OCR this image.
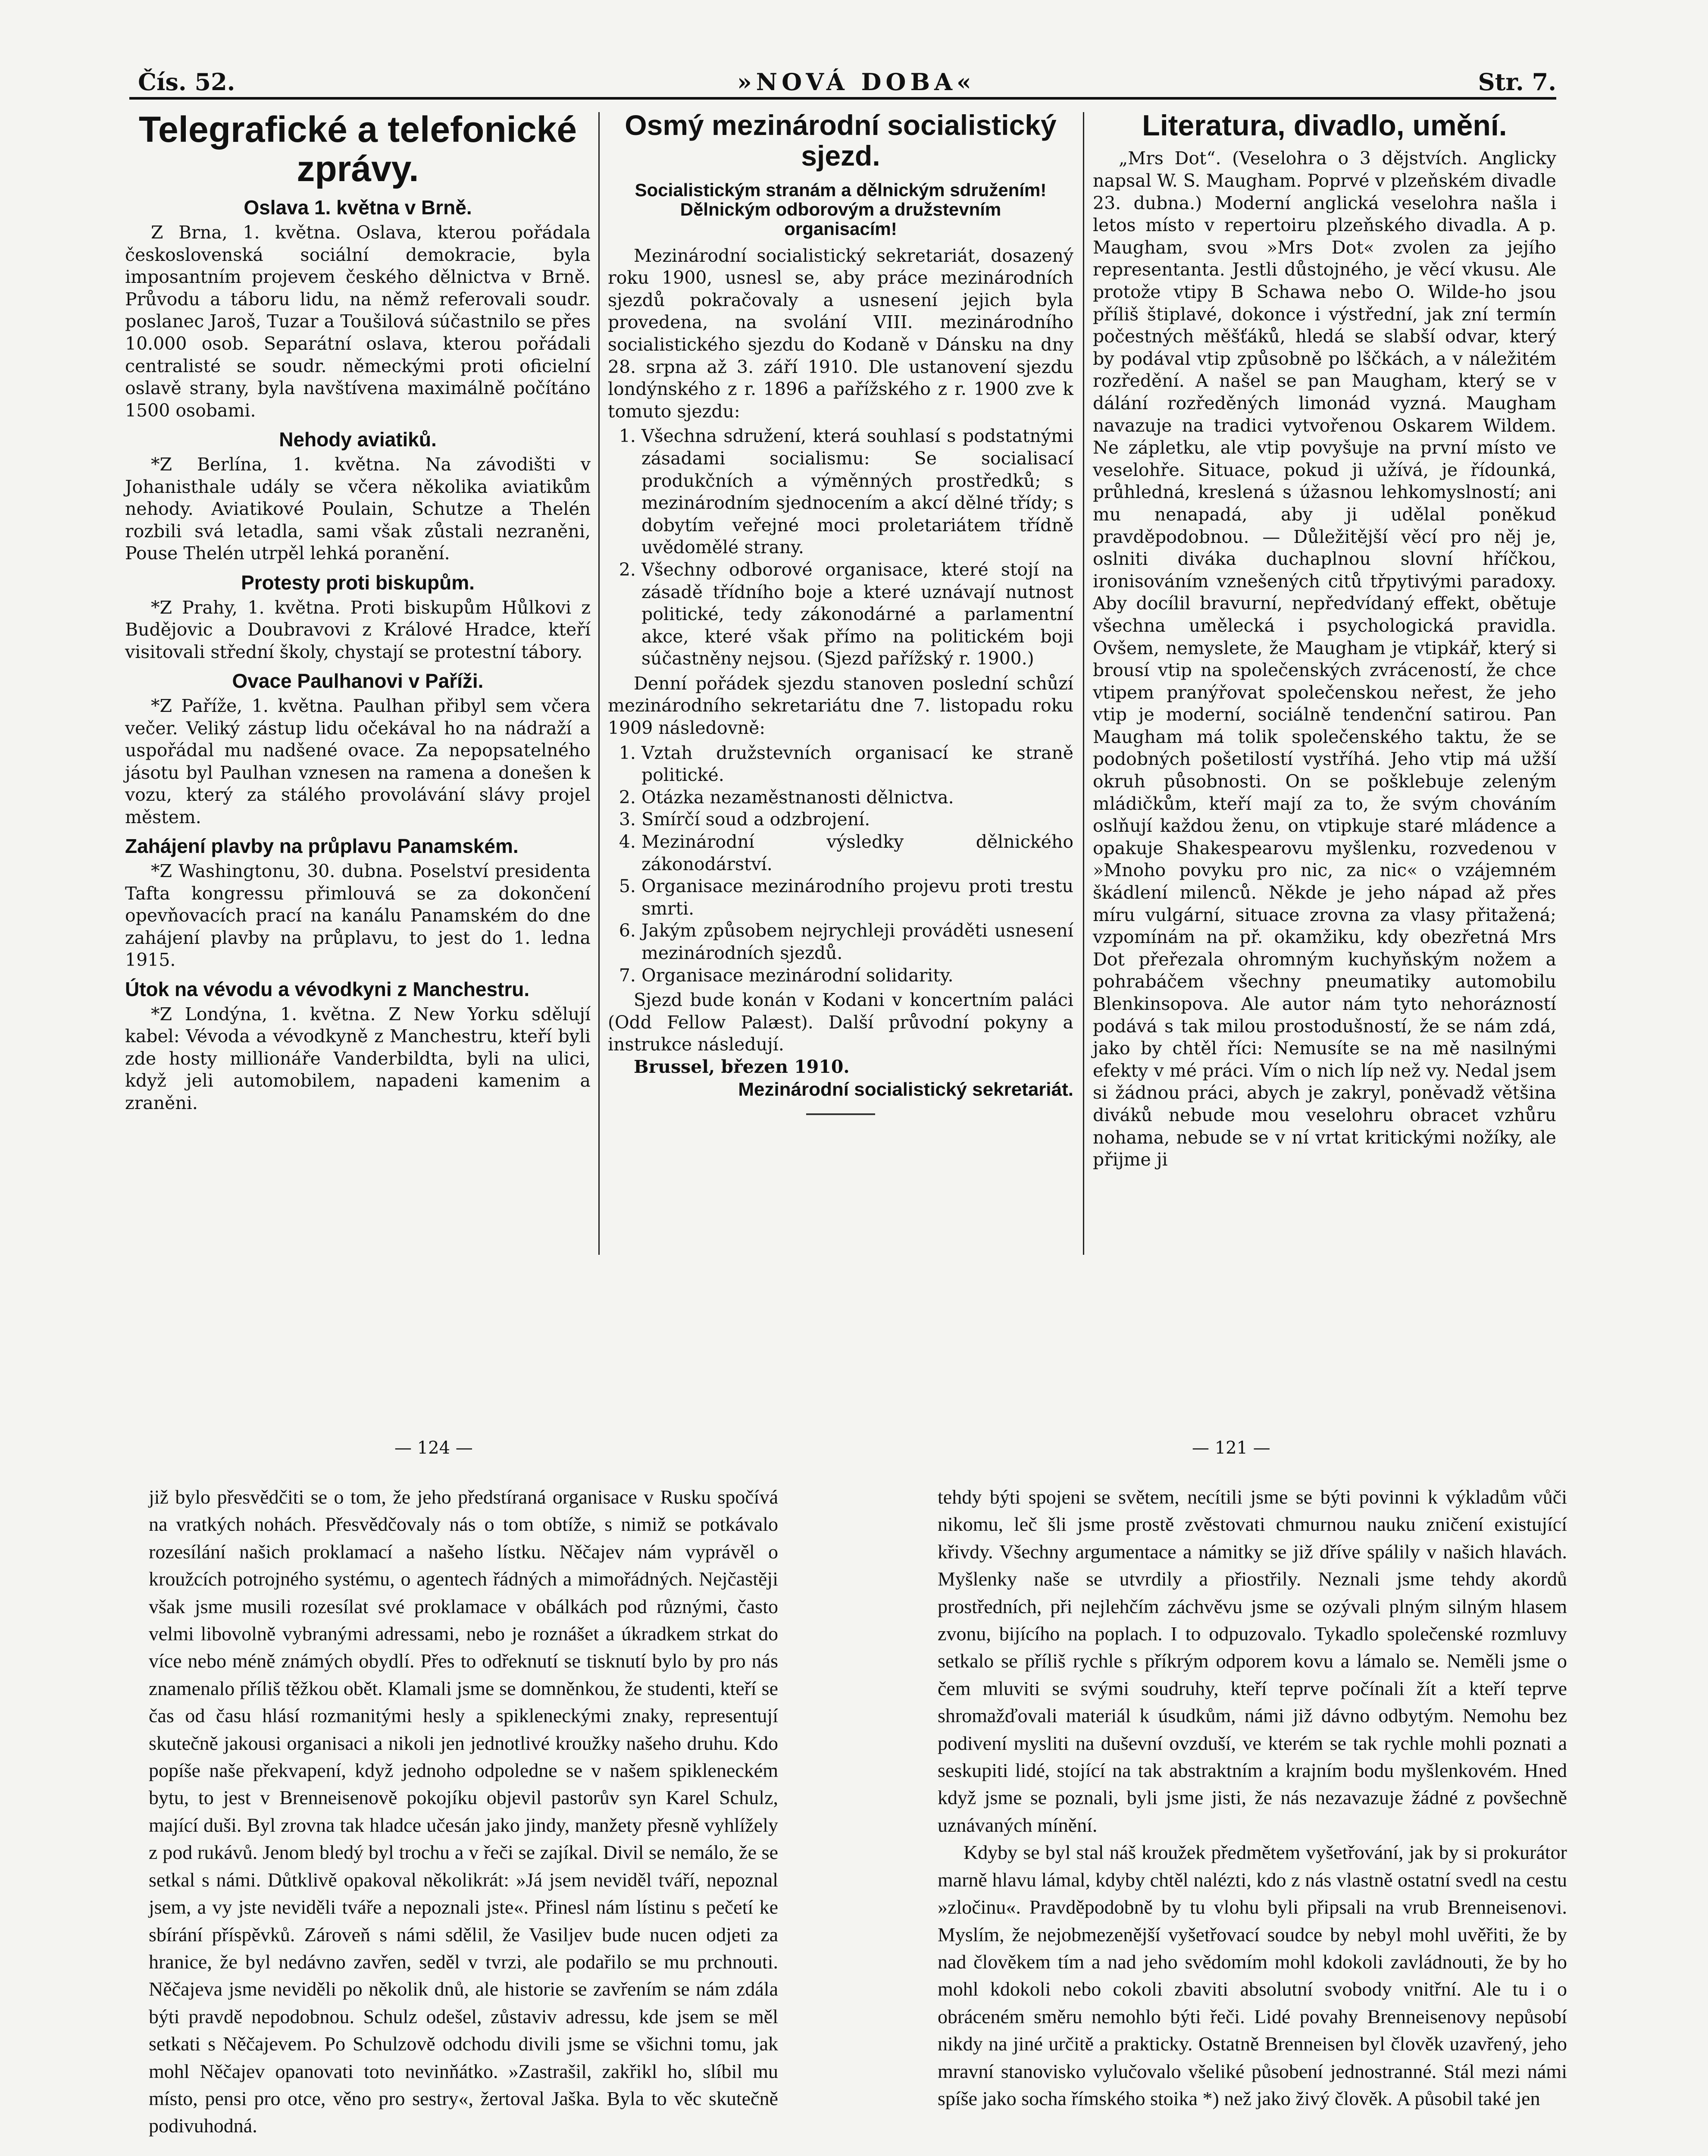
Čís. 52.	»NOVÁ DOBA«	Str. 7.
Telegrafické a telefonické zprávy.
Oslava 1. května v Brně.

Z Brna, 1. května. Oslava, kterou pořádala československá sociální demokracie, byla imposantním projevem českého dělnictva v Brně. Průvodu a táboru lidu, na němž referovali soudr. poslanec Jaroš, Tuzar a Toušilová súčastnilo se přes 10.000 osob. Separátní oslava, kterou pořádali centralisté se soudr. německými proti oficielní oslavě strany, byla navštívena maximálně počítáno 1500 osobami.

Nehody aviatiků.

*Z Berlína, 1. května. Na závodišti v Johanisthale udály se včera několika aviatikům nehody. Aviatikové Poulain, Schutze a Thelén rozbili svá letadla, sami však zůstali nezraněni, Pouse Thelén utrpěl lehká poranění.

Protesty proti biskupům.

*Z Prahy, 1. května. Proti biskupům Hůlkovi z Budějovic a Doubravovi z Králové Hradce, kteří visitovali střední školy, chystají se protestní tábory.

Ovace Paulhanovi v Paříži.

*Z Paříže, 1. května. Paulhan přibyl sem včera večer. Veliký zástup lidu očekával ho na nádraží a uspořádal mu nadšené ovace. Za nepopsatelného jásotu byl Paulhan vznesen na ramena a donešen k vozu, který za stálého provolávání slávy projel městem.

Zahájení plavby na průplavu Panamském.

*Z Washingtonu, 30. dubna. Poselství presidenta Tafta kongressu přimlouvá se za dokončení opevňovacích prací na kanálu Panamském do dne zahájení plavby na průplavu, to jest do 1. ledna 1915.

Útok na vévodu a vévodkyni z Manchestru.

*Z Londýna, 1. května. Z New Yorku sdělují kabel: Vévoda a vévodkyně z Manchestru, kteří byli zde hosty millionáře Vanderbildta, byli na ulici, když jeli automobilem, napadeni kamenim a zraněni.

Osmý mezinárodní socialistický sjezd.
Socialistickým stranám a dělnickým sdružením! Dělnickým odborovým a družstevním organisacím!

Mezinárodní socialistický sekretariát, dosazený roku 1900, usnesl se, aby práce mezinárodních sjezdů pokračovaly a usnesení jejich byla provedena, na svolání VIII. mezinárodního socialistického sjezdu do Kodaně v Dánsku na dny 28. srpna až 3. září 1910. Dle ustanovení sjezdu londýnského z r. 1896 a pařížského z r. 1900 zve k tomuto sjezdu:

1. Všechna sdružení, která souhlasí s podstatnými zásadami socialismu: Se socialisací produkčních a výměnných prostředků; s mezinárodním sjednocením a akcí dělné třídy; s dobytím veřejné moci proletariátem třídně uvědomělé strany.
2. Všechny odborové organisace, které stojí na zásadě třídního boje a které uznávají nutnost politické, tedy zákonodárné a parlamentní akce, které však přímo na politickém boji súčastněny nejsou. (Sjezd pařížský r. 1900.)

Denní pořádek sjezdu stanoven poslední schůzí mezinárodního sekretariátu dne 7. listopadu roku 1909 následovně:

1. Vztah družstevních organisací ke straně politické.
2. Otázka nezaměstnanosti dělnictva.
3. Smírčí soud a odzbrojení.
4. Mezinárodní výsledky dělnického zákonodárství.
5. Organisace mezinárodního projevu proti trestu smrti.
6. Jakým způsobem nejrychleji prováděti usnesení mezinárodních sjezdů.
7. Organisace mezinárodní solidarity.

Sjezd bude konán v Kodani v koncertním paláci (Odd Fellow Palæst). Další průvodní pokyny a instrukce následují.

Brussel, březen 1910.

Mezinárodní socialistický sekretariát.
Literatura, divadlo, umění.

„Mrs Dot“. (Veselohra o 3 dějstvích. Anglicky napsal W. S. Maugham. Poprvé v plzeňském divadle 23. dubna.) Moderní anglická veselohra našla i letos místo v repertoiru plzeňského divadla. A p. Maugham, svou »Mrs Dot« zvolen za jejího representanta. Jestli důstojného, je věcí vkusu. Ale protože vtipy B Schawa nebo O. Wilde-ho jsou příliš štiplavé, dokonce i výstřední, jak zní termín počestných měšťáků, hledá se slabší odvar, který by podával vtip způsobně po lščkách, a v náležitém rozředění. A našel se pan Maugham, který se v dálání rozředěných limonád vyzná. Maugham navazuje na tradici vytvořenou Oskarem Wildem. Ne zápletku, ale vtip povyšuje na první místo ve veselohře. Situace, pokud ji užívá, je řídounká, průhledná, kreslená s úžasnou lehkomyslností; ani mu nenapadá, aby ji udělal poněkud pravděpodobnou. — Důležitější věcí pro něj je, oslniti diváka duchaplnou slovní hříčkou, ironisováním vznešených citů třpytivými paradoxy. Aby docílil bravurní, nepředvídaný effekt, obětuje všechna umělecká i psychologická pravidla. Ovšem, nemyslete, že Maugham je vtipkář, který si brousí vtip na společenských zvráceností, že chce vtipem pranýřovat společenskou neřest, že jeho vtip je moderní, sociálně tendenční satirou. Pan Maugham má tolik společenského taktu, že se podobných pošetilostí vystříhá. Jeho vtip má užší okruh působnosti. On se pošklebuje zeleným mládičkům, kteří mají za to, že svým chováním oslňují každou ženu, on vtipkuje staré mládence a opakuje Shakespearovu myšlenku, rozvedenou v »Mnoho povyku pro nic, za nic« o vzájemném škádlení milenců. Někde je jeho nápad až přes míru vulgární, situace zrovna za vlasy přitažená; vzpomínám na př. okamžiku, kdy obezřetná Mrs Dot přeřezala ohromným kuchyňským nožem a pohrabáčem všechny pneumatiky automobilu Blenkinsopova. Ale autor nám tyto nehorázností podává s tak milou prostodušností, že se nám zdá, jako by chtěl říci: Nemusíte se na mě nasilnými efekty v mé práci. Vím o nich líp než vy. Nedal jsem si žádnou práci, abych je zakryl, poněvadž většina diváků nebude mou veselohru obracet vzhůru nohama, nebude se v ní vrtat kritickými nožíky, ale přijme ji

— 124 —	— 121 —

již bylo přesvědčiti se o tom, že jeho předstíraná organisace v Rusku spočívá na vratkých nohách. Přesvědčovaly nás o tom obtíže, s nimiž se potkávalo rozesílání našich proklamací a našeho lístku. Něčajev nám vyprávěl o kroužcích potrojného systému, o agentech řádných a mimořádných. Nejčastěji však jsme musili rozesílat své proklamace v obálkách pod různými, často velmi libovolně vybranými adressami, nebo je roznášet a úkradkem strkat do více nebo méně známých obydlí. Přes to odřeknutí se tisknutí bylo by pro nás znamenalo příliš těžkou obět. Klamali jsme se domněnkou, že studenti, kteří se čas od času hlásí rozmanitými hesly a spikleneckými znaky, representují skutečně jakousi organisaci a nikoli jen jednotlivé kroužky našeho druhu. Kdo popíše naše překvapení, když jednoho odpoledne se v našem spikleneckém bytu, to jest v Brenneisenově pokojíku objevil pastorův syn Karel Schulz, mající duši. Byl zrovna tak hladce učesán jako jindy, manžety přesně vyhlížely z pod rukávů. Jenom bledý byl trochu a v řeči se zajíkal. Divil se nemálo, že se setkal s námi. Důtklivě opakoval několikrát: »Já jsem neviděl tváří, nepoznal jsem, a vy jste neviděli tváře a nepoznali jste«. Přinesl nám lístinu s pečetí ke sbírání příspěvků. Zároveň s námi sdělil, že Vasiljev bude nucen odjeti za hranice, že byl nedávno zavřen, seděl v tvrzi, ale podařilo se mu prchnouti. Něčajeva jsme neviděli po několik dnů, ale historie se zavřením se nám zdála býti pravdě nepodobnou. Schulz odešel, zůstaviv adressu, kde jsem se měl setkati s Něčajevem. Po Schulzově odchodu divili jsme se všichni tomu, jak mohl Něčajev opanovati toto nevinňátko. »Zastrašil, zakřikl ho, slíbil mu místo, pensi pro otce, věno pro sestry«, žertoval Jaška. Byla to věc skutečně podivuhodná.

tehdy býti spojeni se světem, necítili jsme se býti povinni k výkladům vůči nikomu, leč šli jsme prostě zvěstovati chmurnou nauku zničení existující křivdy. Všechny argumentace a námitky se již dříve spálily v našich hlavách. Myšlenky naše se utvrdily a přiostřily. Neznali jsme tehdy akordů prostředních, při nejlehčím záchvěvu jsme se ozývali plným silným hlasem zvonu, bijícího na poplach. I to odpuzovalo. Tykadlo společenské rozmluvy setkalo se příliš rychle s příkrým odporem kovu a lámalo se. Neměli jsme o čem mluviti se svými soudruhy, kteří teprve počínali žít a kteří teprve shromažďovali materiál k úsudkům, námi již dávno odbytým. Nemohu bez podivení mysliti na duševní ovzduší, ve kterém se tak rychle mohli poznati a seskupiti lidé, stojící na tak abstraktním a krajním bodu myšlenkovém. Hned když jsme se poznali, byli jsme jisti, že nás nezavazuje žádné z povšechně uznávaných mínění.

Kdyby se byl stal náš kroužek předmětem vyšetřování, jak by si prokurátor marně hlavu lámal, kdyby chtěl nalézti, kdo z nás vlastně ostatní svedl na cestu »zločinu«. Pravděpodobně by tu vlohu byli připsali na vrub Brenneisenovi. Myslím, že nejobmezenější vyšetřovací soudce by nebyl mohl uvěřiti, že by nad člověkem tím a nad jeho svědomím mohl kdokoli zavládnouti, že by ho mohl kdokoli nebo cokoli zbaviti absolutní svobody vnitřní. Ale tu i o obráceném směru nemohlo býti řeči. Lidé povahy Brenneisenovy nepůsobí nikdy na jiné určitě a prakticky. Ostatně Brenneisen byl člověk uzavřený, jeho mravní stanovisko vylučovalo všeliké působení jednostranné. Stál mezi námi spíše jako socha římského stoika *) než jako živý člověk. A působil také jen
